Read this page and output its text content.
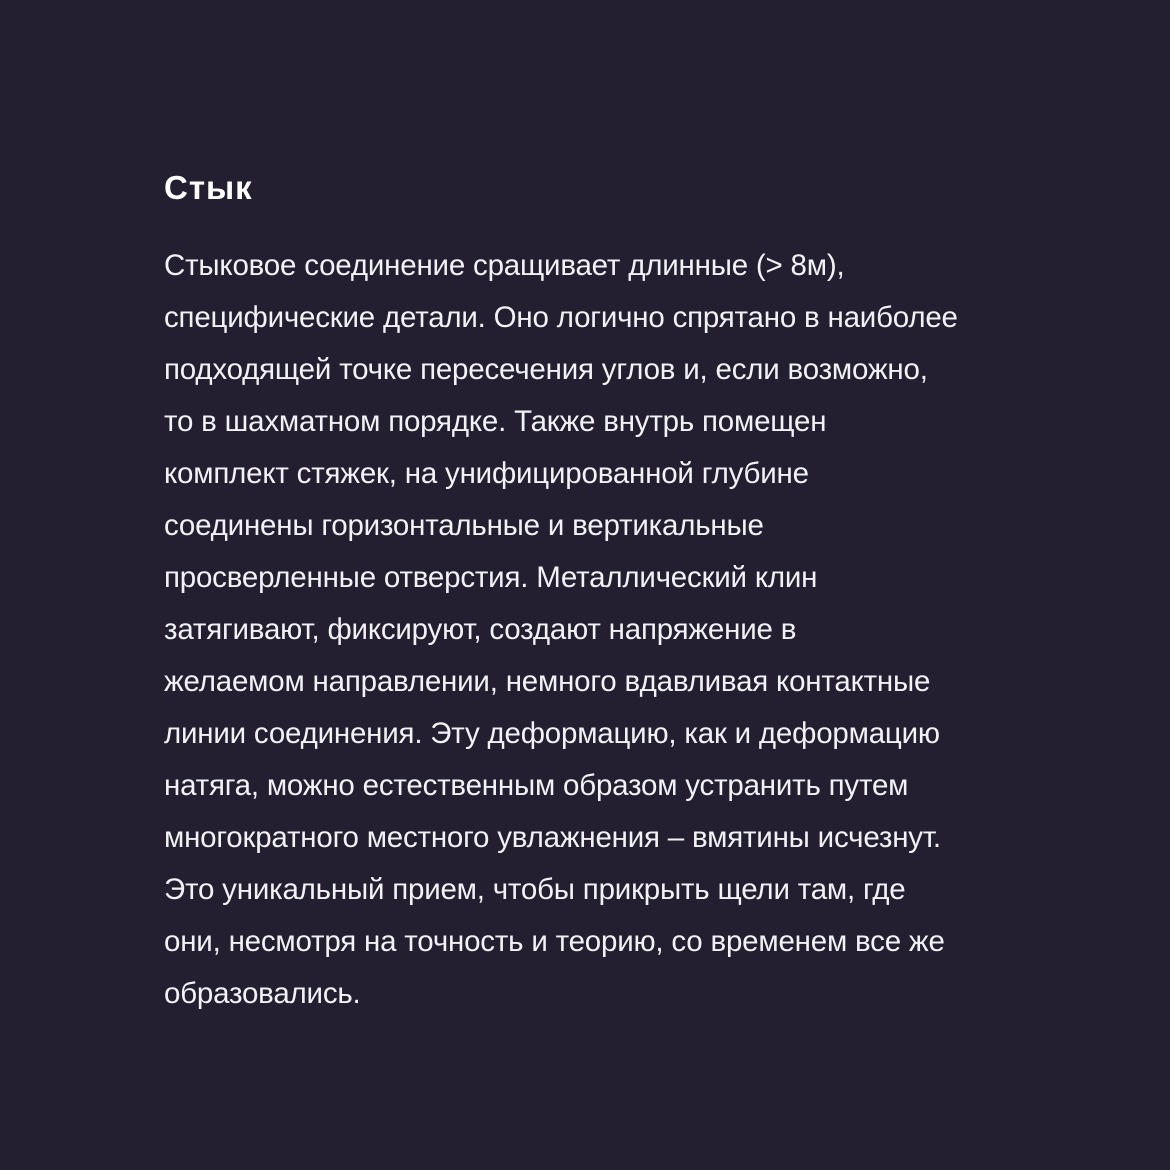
Стык
Стыковое соединение сращивает длинные (> 8м),
специфические детали. Оно логично спрятано в наиболее
подходящей точке пересечения углов и, если возможно,
то в шахматном порядке. Также внутрь помещен
комплект стяжек, на унифицированной глубине
соединены горизонтальные и вертикальные
просверленные отверстия. Металлический клин
затягивают, фиксируют, создают напряжение в
желаемом направлении, немного вдавливая контактные
линии соединения. Эту деформацию, как и деформацию
натяга, можно естественным образом устранить путем
многократного местного увлажнения – вмятины исчезнут.
Это уникальный прием, чтобы прикрыть щели там, где
они, несмотря на точность и теорию, со временем все же
образовались.
